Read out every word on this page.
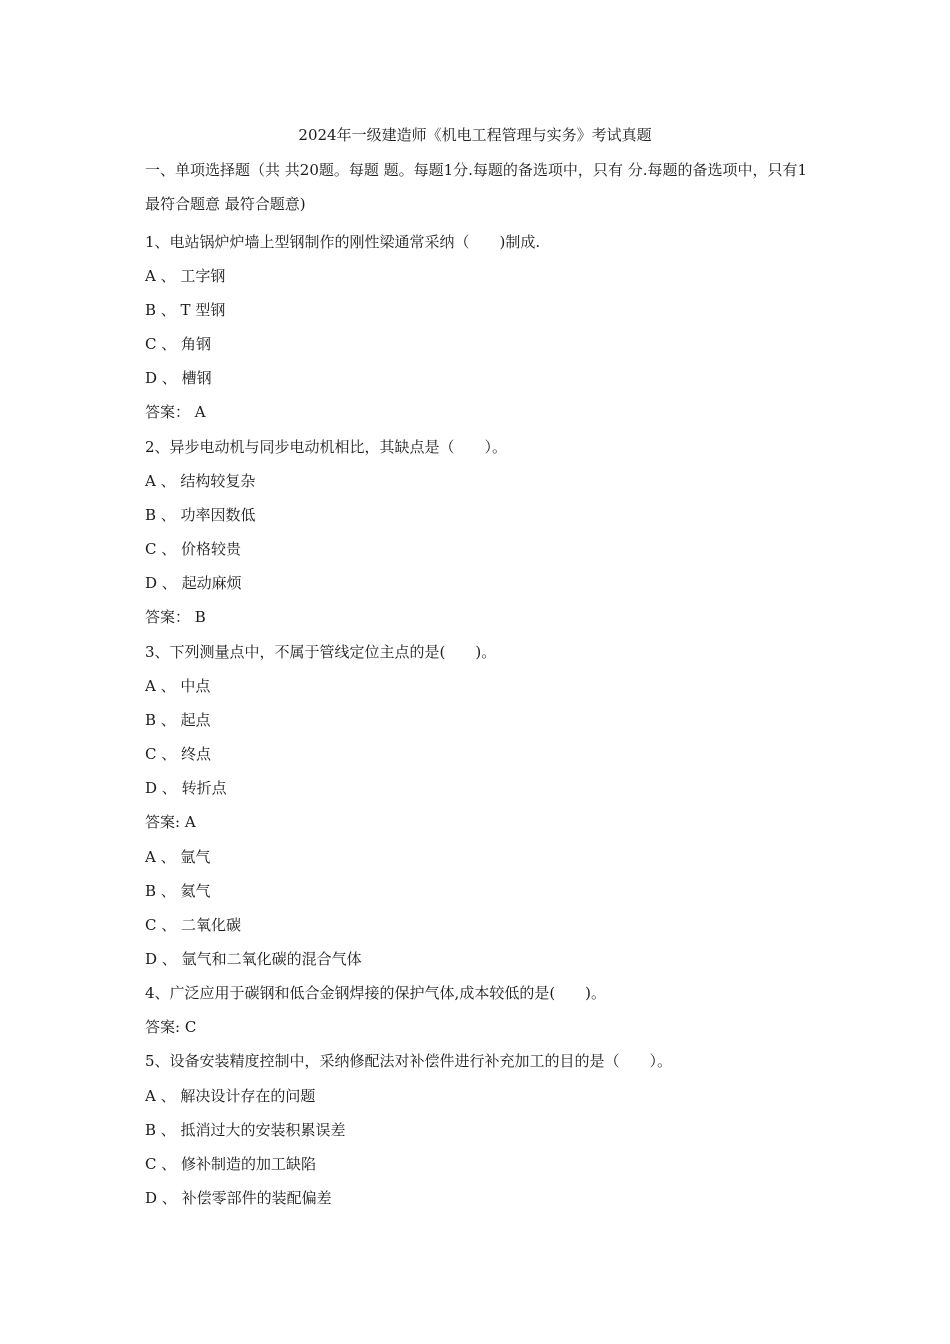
2024年一级建造师《机电工程管理与实务》考试真题
一、单项选择题（共 共20题。每题 题。每题1分.每题的备选项中，只有 分.每题的备选项中，只有1最符合题意 最符合题意)
1、电站锅炉炉墙上型钢制作的刚性梁通常采纳（　　)制成.
A 、 工字钢
B 、 T 型钢
C 、 角钢
D 、 槽钢
答案： A
2、异步电动机与同步电动机相比，其缺点是（　　）。
A 、 结构较复杂
B 、 功率因数低
C 、 价格较贵
D 、 起动麻烦
答案： B
3、下列测量点中，不属于管线定位主点的是(　　)。
A 、 中点
B 、 起点
C 、 终点
D 、 转折点
答案: A
A 、 氩气
B 、 氦气
C 、 二氧化碳
D 、 氩气和二氧化碳的混合气体
4、广泛应用于碳钢和低合金钢焊接的保护气体,成本较低的是(　　)。
答案: C
5、设备安装精度控制中，采纳修配法对补偿件进行补充加工的目的是（　　）。
A 、 解决设计存在的问题
B 、 抵消过大的安装积累误差
C 、 修补制造的加工缺陷
D 、 补偿零部件的装配偏差
